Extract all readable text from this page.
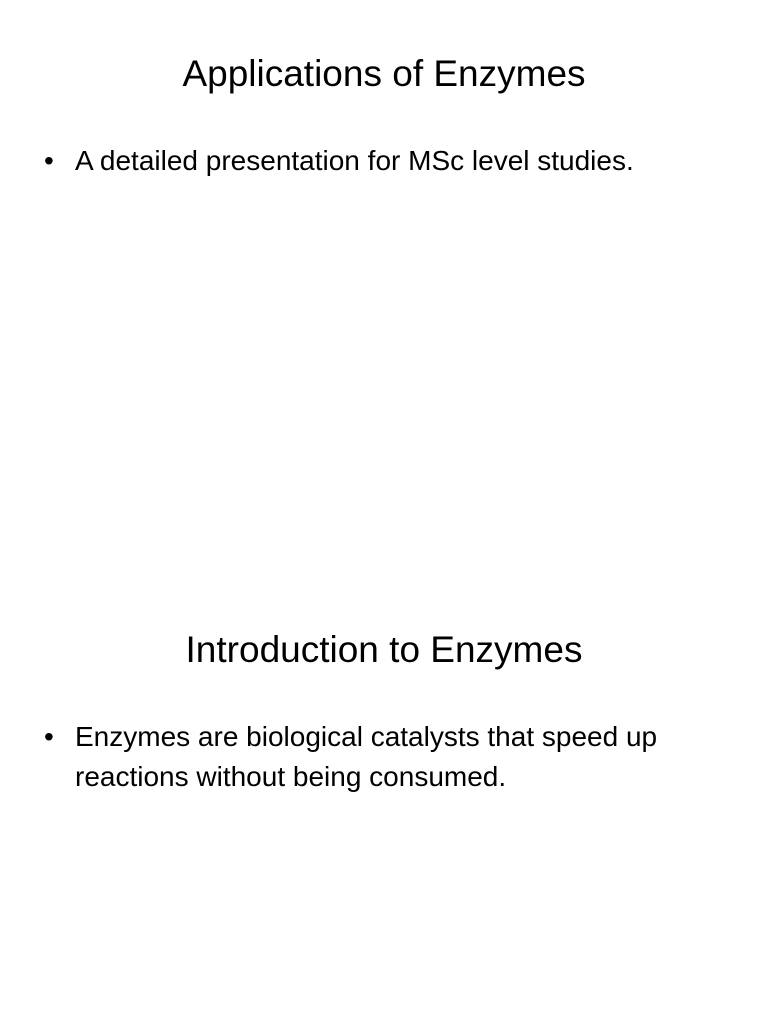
Applications of Enzymes
• A detailed presentation for MSc level studies.
Introduction to Enzymes
• Enzymes are biological catalysts that speed up reactions without being consumed.
